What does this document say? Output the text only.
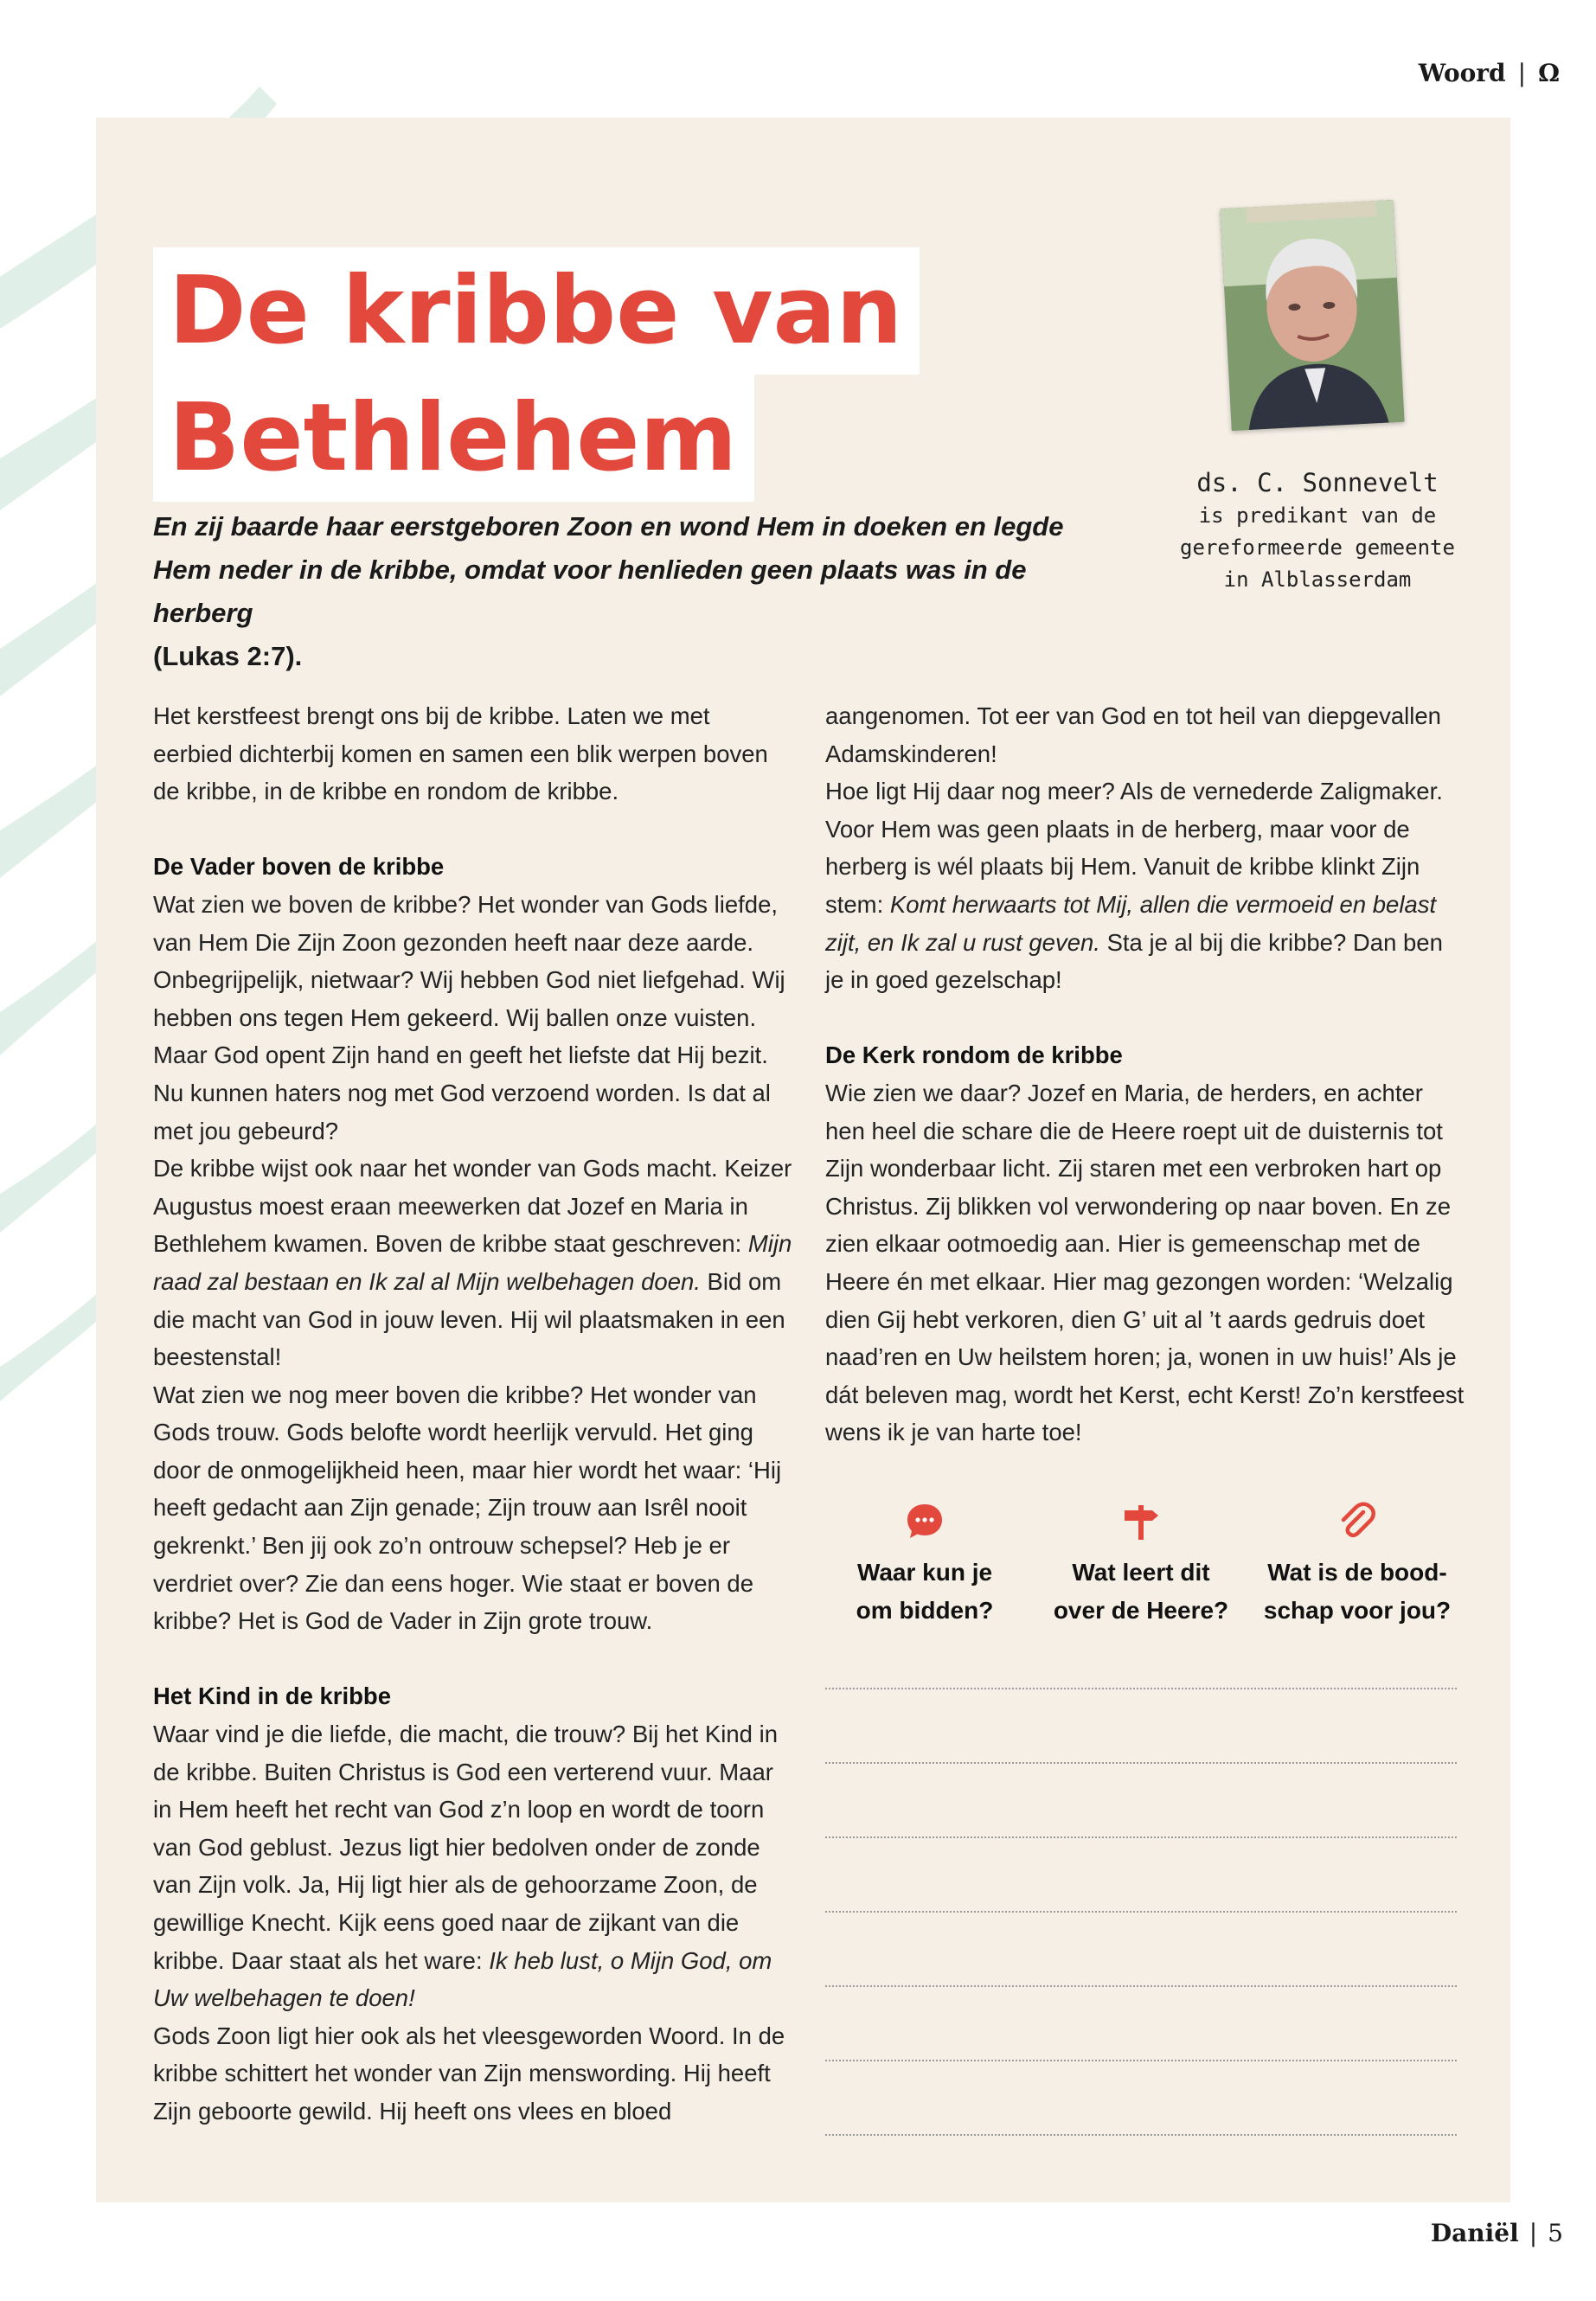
Woord | Ω
De kribbe van
Bethlehem

En zij baarde haar eerstgeboren Zoon en wond Hem in doeken en legde Hem neder in de kribbe, omdat voor henlieden geen plaats was in de herberg
(Lukas 2:7).

ds. C. Sonnevelt

is predikant van de

gereformeerde gemeente

in Alblasserdam

Het kerstfeest brengt ons bij de kribbe. Laten we met eerbied dichterbij komen en samen een blik werpen boven de kribbe, in de kribbe en rondom de kribbe.

De Vader boven de kribbe

Wat zien we boven de kribbe? Het wonder van Gods liefde, van Hem Die Zijn Zoon gezonden heeft naar deze aarde. Onbegrijpelijk, nietwaar? Wij hebben God niet liefgehad. Wij hebben ons tegen Hem gekeerd. Wij ballen onze vuisten. Maar God opent Zijn hand en geeft het liefste dat Hij bezit. Nu kunnen haters nog met God verzoend worden. Is dat al met jou gebeurd?

De kribbe wijst ook naar het wonder van Gods macht. Keizer Augustus moest eraan meewerken dat Jozef en Maria in Bethlehem kwamen. Boven de kribbe staat geschreven: Mijn raad zal bestaan en Ik zal al Mijn welbehagen doen. Bid om die macht van God in jouw leven. Hij wil plaatsmaken in een beestenstal!

Wat zien we nog meer boven die kribbe? Het wonder van Gods trouw. Gods belofte wordt heerlijk vervuld. Het ging door de onmogelijkheid heen, maar hier wordt het waar: ‘Hij heeft gedacht aan Zijn genade; Zijn trouw aan Isrêl nooit gekrenkt.’ Ben jij ook zo’n ontrouw schepsel? Heb je er verdriet over? Zie dan eens hoger. Wie staat er boven de kribbe? Het is God de Vader in Zijn grote trouw.

Het Kind in de kribbe

Waar vind je die liefde, die macht, die trouw? Bij het Kind in de kribbe. Buiten Christus is God een verterend vuur. Maar in Hem heeft het recht van God z’n loop en wordt de toorn van God geblust. Jezus ligt hier bedolven onder de zonde van Zijn volk. Ja, Hij ligt hier als de gehoorzame Zoon, de gewillige Knecht. Kijk eens goed naar de zijkant van die kribbe. Daar staat als het ware: Ik heb lust, o Mijn God, om Uw welbehagen te doen!

Gods Zoon ligt hier ook als het vleesgeworden Woord. In de kribbe schittert het wonder van Zijn menswording. Hij heeft Zijn geboorte gewild. Hij heeft ons vlees en bloed

aangenomen. Tot eer van God en tot heil van diepgevallen Adamskinderen!

Hoe ligt Hij daar nog meer? Als de vernederde Zaligmaker. Voor Hem was geen plaats in de herberg, maar voor de herberg is wél plaats bij Hem. Vanuit de kribbe klinkt Zijn stem: Komt herwaarts tot Mij, allen die vermoeid en belast zijt, en Ik zal u rust geven. Sta je al bij die kribbe? Dan ben je in goed gezelschap!

De Kerk rondom de kribbe

Wie zien we daar? Jozef en Maria, de herders, en achter hen heel die schare die de Heere roept uit de duisternis tot Zijn wonderbaar licht. Zij staren met een verbroken hart op Christus. Zij blikken vol verwondering op naar boven. En ze zien elkaar ootmoedig aan. Hier is gemeenschap met de Heere én met elkaar. Hier mag gezongen worden: ‘Welzalig dien Gij hebt verkoren, dien G’ uit al ’t aards gedruis doet naad’ren en Uw heilstem horen; ja, wonen in uw huis!’ Als je dát beleven mag, wordt het Kerst, echt Kerst! Zo’n kerstfeest wens ik je van harte toe!

Waar kun je
om bidden?
Wat leert dit
over de Heere?
Wat is de bood-
schap voor jou?
Daniël | 5
